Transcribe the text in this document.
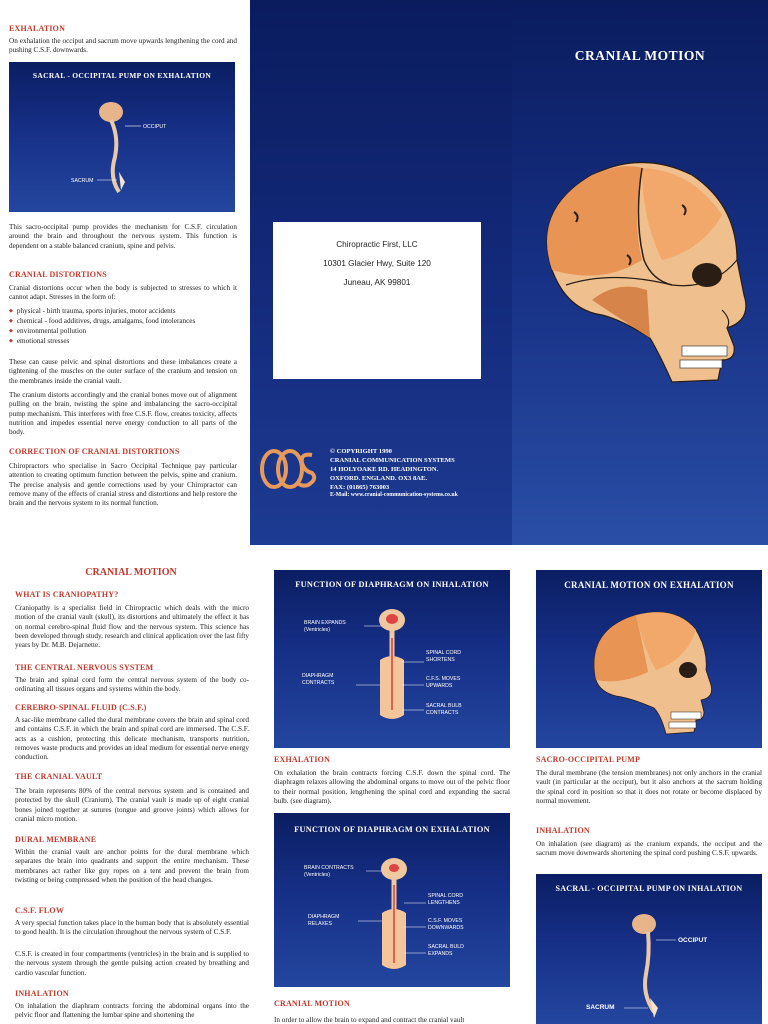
EXHALATION
On exhalation the occiput and sacrum move upwards lengthening the cord and pushing C.S.F. downwards.
SACRAL - OCCIPITAL PUMP ON EXHALATION
OCCIPUT
SACRUM
This sacro-occipital pump provides the mechanism for C.S.F. circulation around the brain and throughout the nervous system. This function is dependent on a stable balanced cranium, spine and pelvis.
CRANIAL DISTORTIONS
Cranial distortions occur when the body is subjected to stresses to which it cannot adapt. Stresses in the form of:
◆ physical - birth trauma, sports injuries, motor accidents
◆ chemical - food additives, drugs, amalgams, food intolerances
◆ environmental pollution
◆ emotional stresses
These can cause pelvic and spinal distortions and these imbalances create a tightening of the muscles on the outer surface of the cranium and tension on the membranes inside the cranial vault.
The cranium distorts accordingly and the cranial bones move out of alignment pulling on the brain, twisting the spine and imbalancing the sacro-occipital pump mechanism. This interferes with free C.S.F. flow, creates toxicity, affects nutrition and impedes essential nerve energy conduction to all parts of the body.
CORRECTION OF CRANIAL DISTORTIONS
Chiropractors who specialise in Sacro Occipital Technique pay particular attention to creating optimum function between the pelvis, spine and cranium. The precise analysis and gentle corrections used by your Chiropractor can remove many of the effects of cranial stress and distortions and help restore the brain and the nervous system to its normal function.
Chiropractic First, LLC
10301 Glacier Hwy, Suite 120
Juneau, AK 99801
© COPYRIGHT 1990
CRANIAL COMMUNICATION SYSTEMS
14 HOLYOAKE RD. HEADINGTON.
OXFORD. ENGLAND. OX3 8AE.
FAX: (01865) 763003
E-Mail: www.cranial-communication-systems.co.uk
CRANIAL MOTION
CRANIAL MOTION
WHAT IS CRANIOPATHY?
Craniopathy is a specialist field in Chiropractic which deals with the micro motion of the cranial vault (skull), its distortions and ultimately the effect it has on normal cerebro-spinal fluid flow and the nervous system. This science has been developed through study, research and clinical application over the last fifty years by Dr. M.B. Dejarnette.
THE CENTRAL NERVOUS SYSTEM
The brain and spinal cord form the central nervous system of the body co-ordinating all tissues organs and systems within the body.
CEREBRO-SPINAL FLUID (C.S.F.)
A sac-like membrane called the dural membrane covers the brain and spinal cord and contains C.S.F. in which the brain and spinal cord are immersed. The C.S.F. acts as a cushion, protecting this delicate mechanism, transports nutrition, removes waste products and provides an ideal medium for essential nerve energy conduction.
THE CRANIAL VAULT
The brain represents 80% of the central nervous system and is contained and protected by the skull (Cranium). The cranial vault is made up of eight cranial bones joined together at sutures (tongue and groove joints) which allows for cranial micro motion.
DURAL MEMBRANE
Within the cranial vault are anchor points for the dural membrane which separates the brain into quadrants and support the entire mechanism. These membranes act rather like guy ropes on a tent and prevent the brain from twisting or being compressed when the position of the head changes.
C.S.F. FLOW
A very special function takes place in the human body that is absolutely essential to good health. It is the circulation throughout the nervous system of C.S.F.
C.S.F. is created in four compartments (ventricles) in the brain and is supplied to the nervous system through the gentle pulsing action created by breathing and cardio vascular function.
INHALATION
On inhalation the diaphram contracts forcing the abdominal organs into the pelvic floor and flattening the lumbar spine and shortening the
FUNCTION OF DIAPHRAGM ON INHALATION
BRAIN EXPANDS
(Ventricles)
DIAPHRAGM
CONTRACTS
SPINAL CORD
SHORTENS
C.F.S. MOVES
UPWARDS
SACRAL BULB
CONTRACTS
EXHALATION
On exhalation the brain contracts forcing C.S.F. down the spinal cord. The diaphragm relaxes allowing the abdominal organs to move out of the pelvic floor to their normal position, lengthening the spinal cord and expanding the sacral bulb. (see diagram).
FUNCTION OF DIAPHRAGM ON EXHALATION
BRAIN CONTRACTS
(Ventricles)
DIAPHRAGM
RELAXES
SPINAL CORD
LENGTHENS
C.S.F. MOVES
DOWNWARDS
SACRAL BULD
EXPANDS
CRANIAL MOTION
In order to allow the brain to expand and contract the cranial vault
CRANIAL MOTION ON EXHALATION
SACRO-OCCIPITAL PUMP
The dural membrane (the tension membranes) not only anchors in the cranial vault (in particular at the occiput), but it also anchors at the sacrum holding the spinal cord in position so that it does not rotate or become displaced by normal movement.
INHALATION
On inhalation (see diagram) as the cranium expands, the occiput and the sacrum move downwards shortening the spinal cord pushing C.S.F. upwards.
SACRAL - OCCIPITAL PUMP ON INHALATION
OCCIPUT
SACRUM
